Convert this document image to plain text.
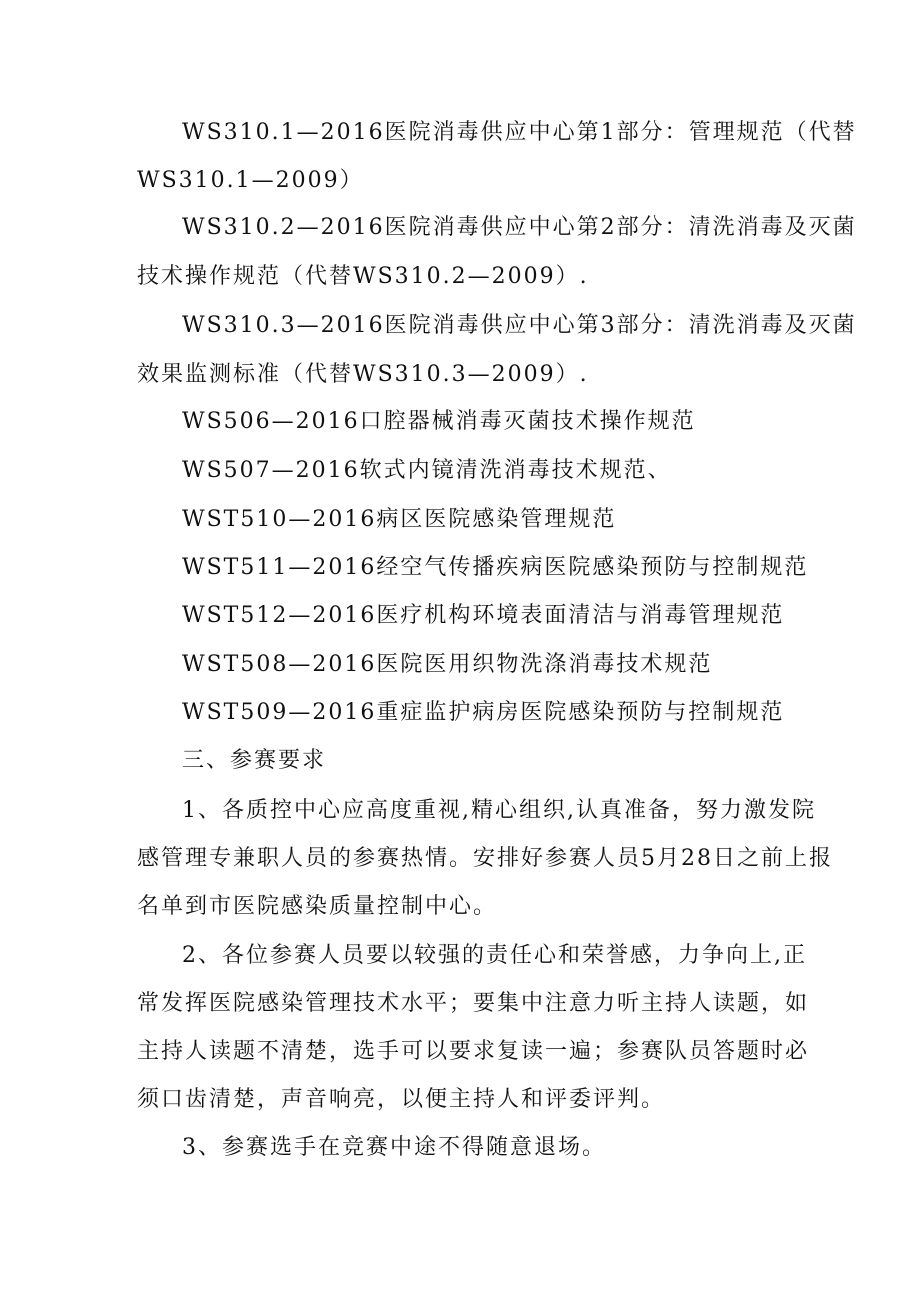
WS310.1—2016医院消毒供应中心第1部分：管理规范（代替
WS310.1—2009）
WS310.2—2016医院消毒供应中心第2部分：清洗消毒及灭菌
技术操作规范（代替WS310.2—2009）.
WS310.3—2016医院消毒供应中心第3部分：清洗消毒及灭菌
效果监测标准（代替WS310.3—2009）.
WS506—2016口腔器械消毒灭菌技术操作规范
WS507—2016软式内镜清洗消毒技术规范、
WST510—2016病区医院感染管理规范
WST511—2016经空气传播疾病医院感染预防与控制规范
WST512—2016医疗机构环境表面清洁与消毒管理规范
WST508—2016医院医用织物洗涤消毒技术规范
WST509—2016重症监护病房医院感染预防与控制规范
三、参赛要求
1、各质控中心应高度重视,精心组织,认真准备，努力激发院
感管理专兼职人员的参赛热情。安排好参赛人员5月28日之前上报
名单到市医院感染质量控制中心。
2、各位参赛人员要以较强的责任心和荣誉感，力争向上,正
常发挥医院感染管理技术水平；要集中注意力听主持人读题，如
主持人读题不清楚，选手可以要求复读一遍；参赛队员答题时必
须口齿清楚，声音响亮，以便主持人和评委评判。
3、参赛选手在竞赛中途不得随意退场。
